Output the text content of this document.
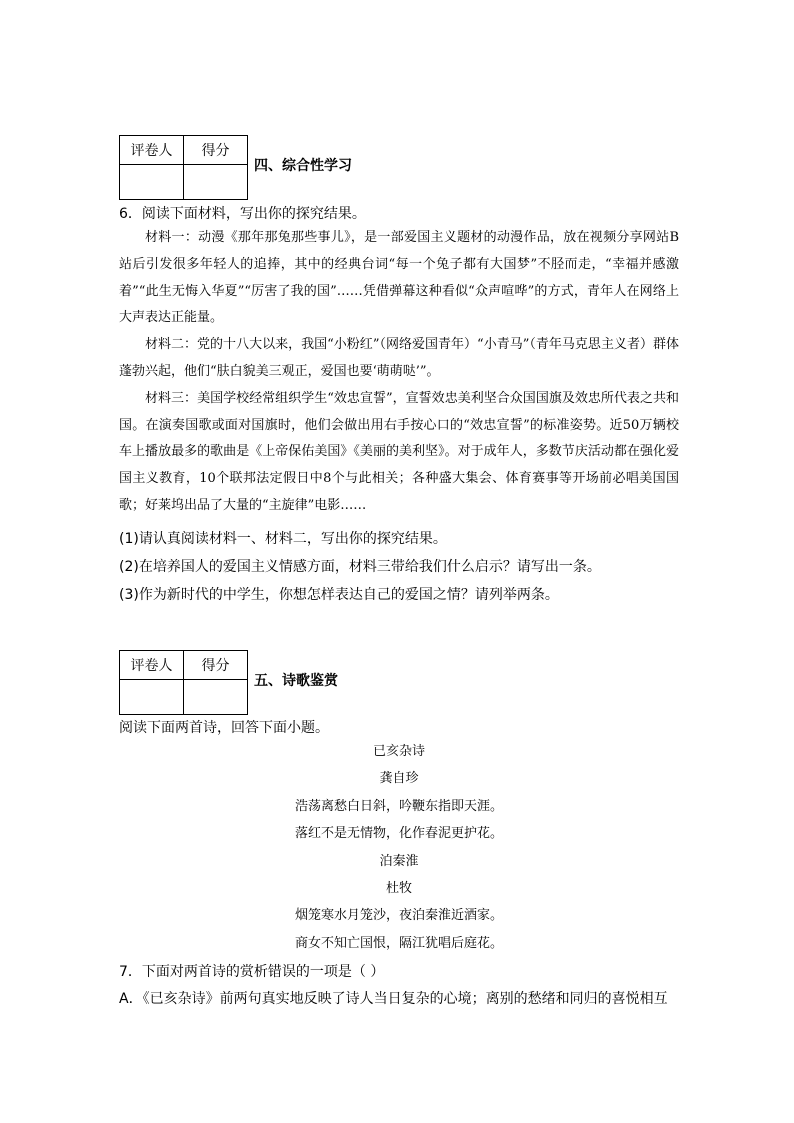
评卷人	得分

四、综合性学习
6．阅读下面材料，写出你的探究结果。

材料一：动漫《那年那兔那些事儿》，是一部爱国主义题材的动漫作品，放在视频分享网站B站后引发很多年轻人的追捧，其中的经典台词“每一个兔子都有大国梦”不胫而走，“幸福并感激着”“此生无悔入华夏”“厉害了我的国”……凭借弹幕这种看似“众声喧哗”的方式，青年人在网络上大声表达正能量。

材料二：党的十八大以来，我国“小粉红”（网络爱国青年）“小青马”（青年马克思主义者）群体蓬勃兴起，他们“肤白貌美三观正，爱国也要‘萌萌哒’”。

材料三：美国学校经常组织学生“效忠宣誓”，宣誓效忠美利坚合众国国旗及效忠所代表之共和国。在演奏国歌或面对国旗时，他们会做出用右手按心口的“效忠宣誓”的标准姿势。近50万辆校车上播放最多的歌曲是《上帝保佑美国》《美丽的美利坚》。对于成年人，多数节庆活动都在强化爱国主义教育，10个联邦法定假日中8个与此相关；各种盛大集会、体育赛事等开场前必唱美国国歌；好莱坞出品了大量的“主旋律”电影……

(1)请认真阅读材料一、材料二，写出你的探究结果。
(2)在培养国人的爱国主义情感方面，材料三带给我们什么启示？请写出一条。
(3)作为新时代的中学生，你想怎样表达自己的爱国之情？请列举两条。
评卷人	得分

五、诗歌鉴赏
阅读下面两首诗，回答下面小题。
已亥杂诗
龚自珍
浩荡离愁白日斜，吟鞭东指即天涯。
落红不是无情物，化作春泥更护花。
泊秦淮
杜牧
烟笼寒水月笼沙，夜泊秦淮近酒家。
商女不知亡国恨，隔江犹唱后庭花。
7．下面对两首诗的赏析错误的一项是（ ）
A．《已亥杂诗》前两句真实地反映了诗人当日复杂的心境；离别的愁绪和同归的喜悦相互
